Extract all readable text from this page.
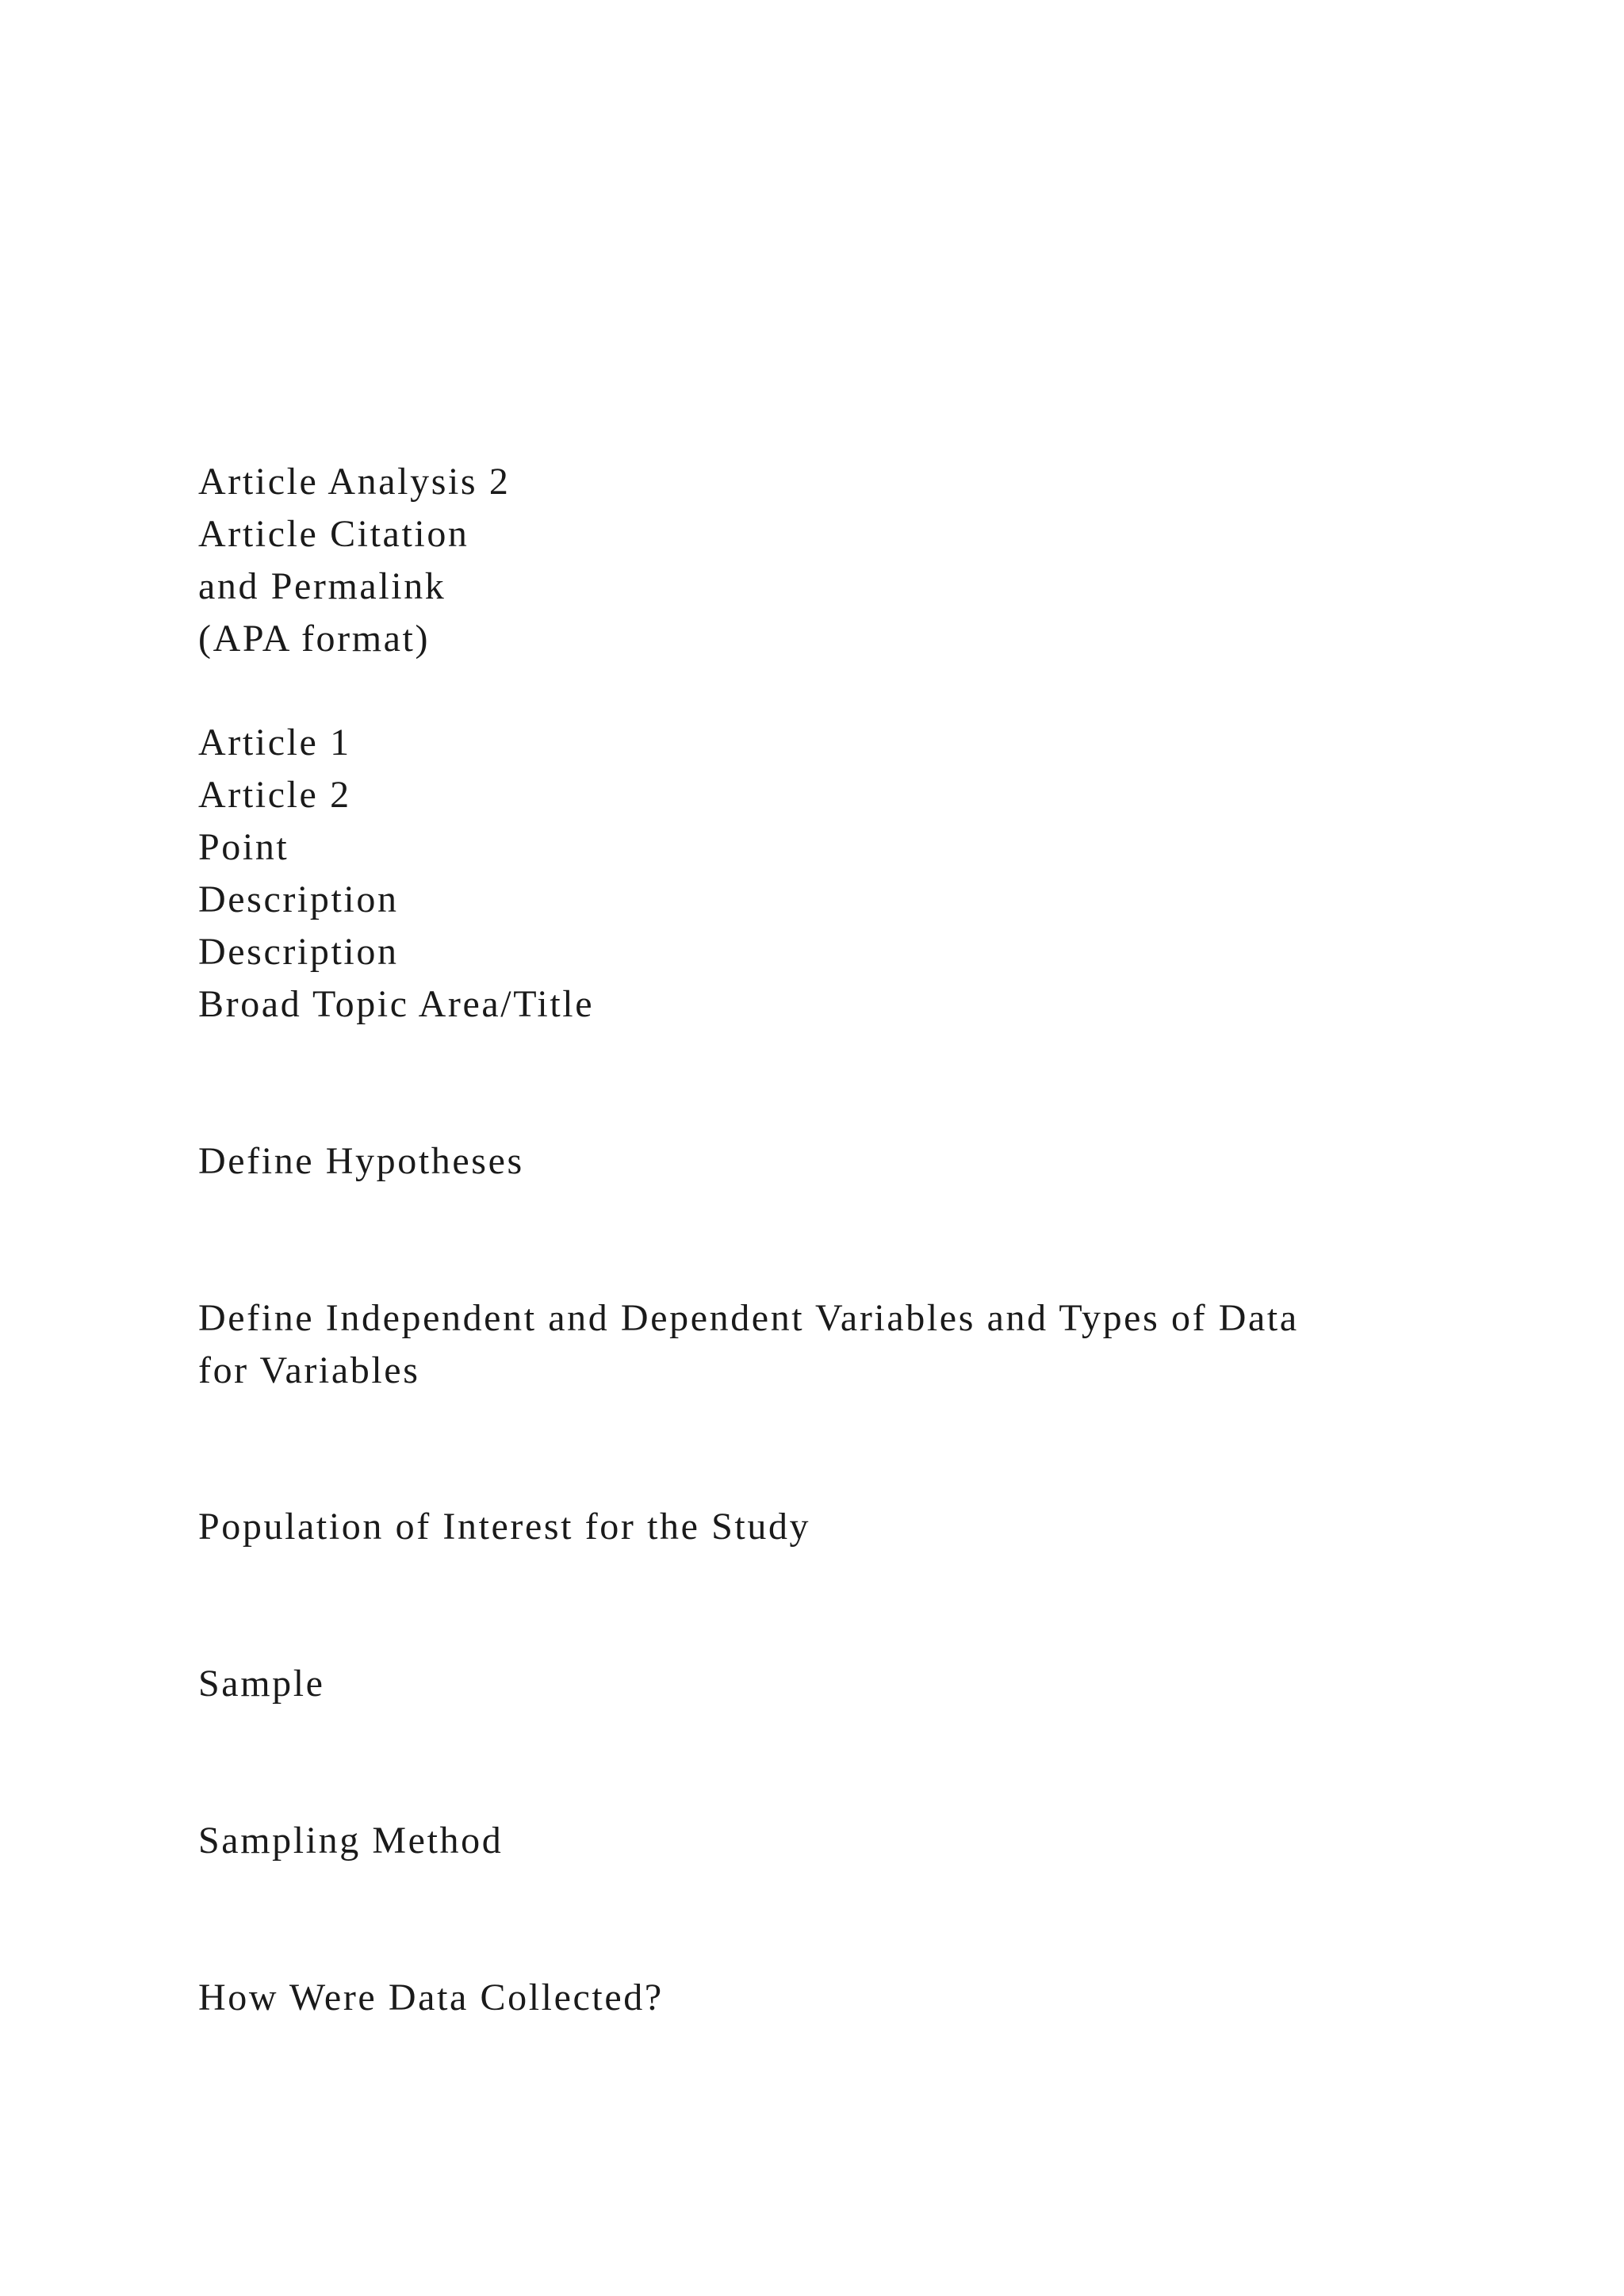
Article Analysis 2

Article Citation

and Permalink

(APA format)

Article 1

Article 2

Point

Description

Description

Broad Topic Area/Title

Define Hypotheses

Define Independent and Dependent Variables and Types of Data

for Variables

Population of Interest for the Study

Sample

Sampling Method

How Were Data Collected?
